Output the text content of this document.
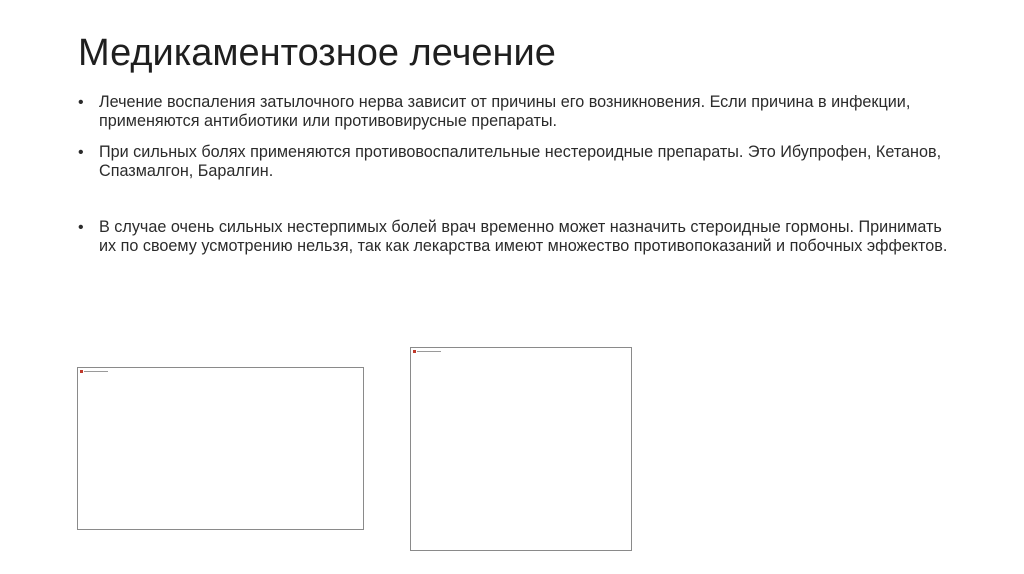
Медикаментозное лечение
• Лечение воспаления затылочного нерва зависит от причины его возникновения. Если причина в инфекции, применяются антибиотики или противовирусные препараты.
• При сильных болях применяются противовоспалительные нестероидные препараты. Это Ибупрофен, Кетанов, Спазмалгон, Баралгин.
• В случае очень сильных нестерпимых болей врач временно может назначить стероидные гормоны. Принимать их по своему усмотрению нельзя, так как лекарства имеют множество противопоказаний и побочных эффектов.
